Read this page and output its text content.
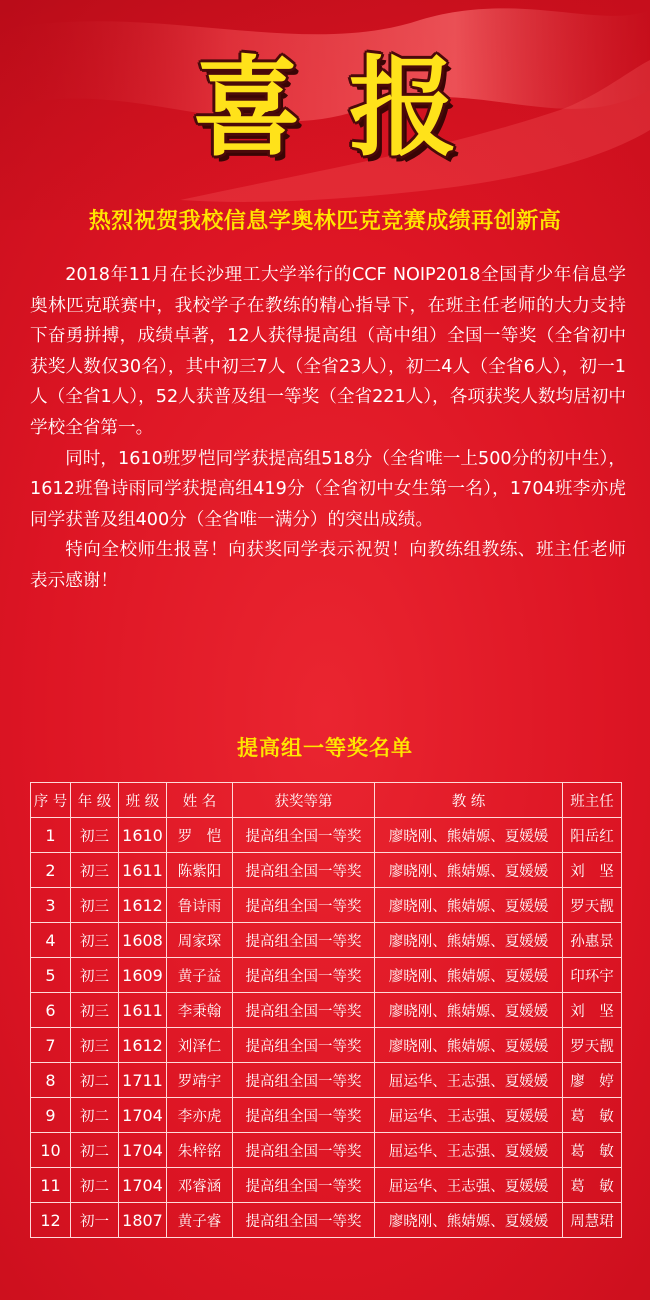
喜报
热烈祝贺我校信息学奥林匹克竞赛成绩再创新高

2018年11月在长沙理工大学举行的CCF NOIP2018全国青少年信息学奥林匹克联赛中，我校学子在教练的精心指导下，在班主任老师的大力支持下奋勇拼搏，成绩卓著，12人获得提高组（高中组）全国一等奖（全省初中获奖人数仅30名），其中初三7人（全省23人），初二4人（全省6人），初一1人（全省1人），52人获普及组一等奖（全省221人），各项获奖人数均居初中学校全省第一。

同时，1610班罗恺同学获提高组518分（全省唯一上500分的初中生），1612班鲁诗雨同学获提高组419分（全省初中女生第一名），1704班李亦虎同学获普及组400分（全省唯一满分）的突出成绩。

特向全校师生报喜！向获奖同学表示祝贺！向教练组教练、班主任老师表示感谢！

提高组一等奖名单
序 号	年 级	班 级	姓 名	获奖等第	教 练	班主任
1	初三	1610	罗　恺	提高组全国一等奖	廖晓刚、熊婧嫄、夏媛媛	阳岳红
2	初三	1611	陈紫阳	提高组全国一等奖	廖晓刚、熊婧嫄、夏媛媛	刘　坚
3	初三	1612	鲁诗雨	提高组全国一等奖	廖晓刚、熊婧嫄、夏媛媛	罗天靓
4	初三	1608	周家琛	提高组全国一等奖	廖晓刚、熊婧嫄、夏媛媛	孙惠景
5	初三	1609	黄子益	提高组全国一等奖	廖晓刚、熊婧嫄、夏媛媛	印环宇
6	初三	1611	李秉翰	提高组全国一等奖	廖晓刚、熊婧嫄、夏媛媛	刘　坚
7	初三	1612	刘泽仁	提高组全国一等奖	廖晓刚、熊婧嫄、夏媛媛	罗天靓
8	初二	1711	罗靖宇	提高组全国一等奖	屈运华、王志强、夏媛媛	廖　婷
9	初二	1704	李亦虎	提高组全国一等奖	屈运华、王志强、夏媛媛	葛　敏
10	初二	1704	朱梓铭	提高组全国一等奖	屈运华、王志强、夏媛媛	葛　敏
11	初二	1704	邓睿涵	提高组全国一等奖	屈运华、王志强、夏媛媛	葛　敏
12	初一	1807	黄子睿	提高组全国一等奖	廖晓刚、熊婧嫄、夏媛媛	周慧珺
